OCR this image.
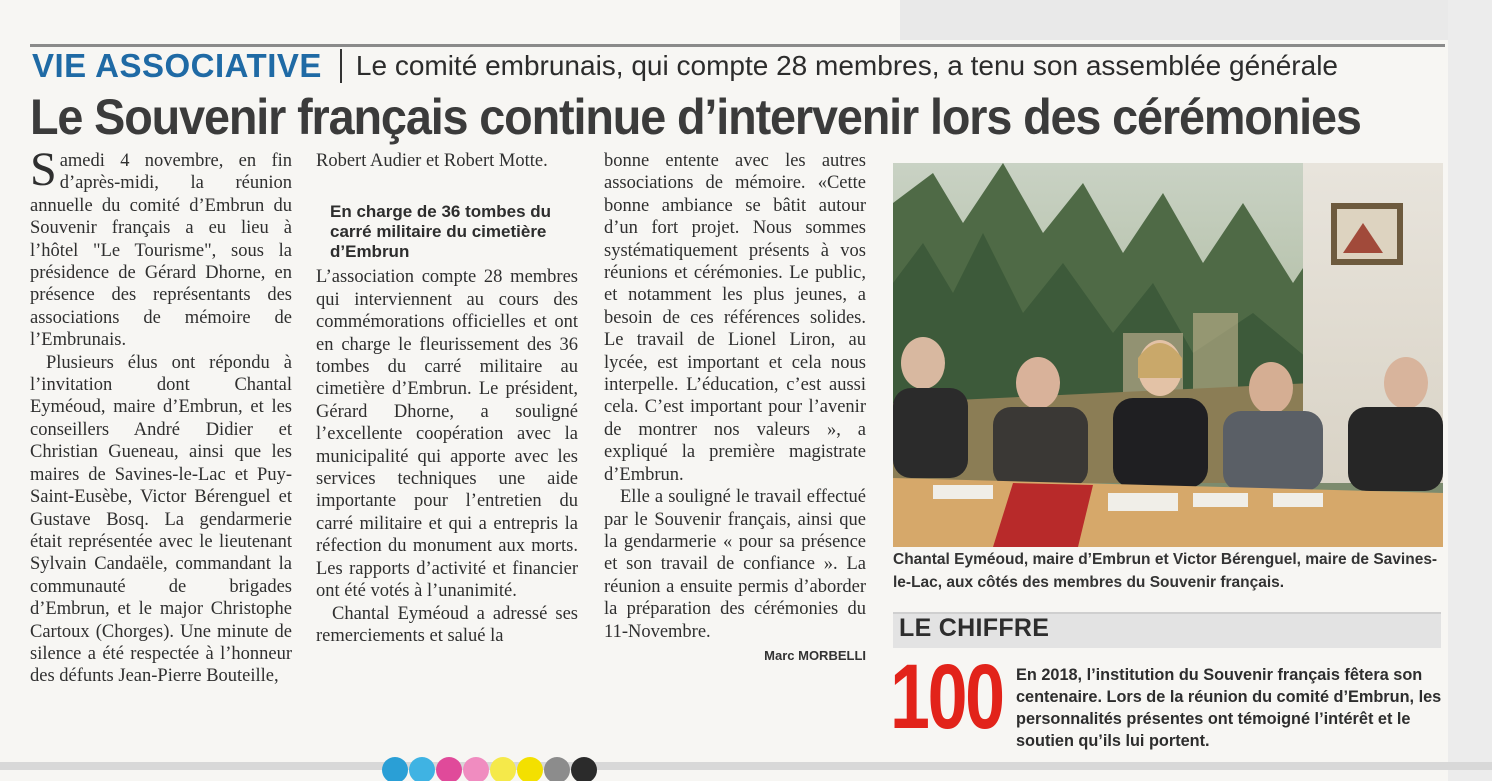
VIE ASSOCIATIVE Le comité embrunais, qui compte 28 membres, a tenu son assemblée générale
Le Souvenir français continue d’intervenir lors des cérémonies

Samedi 4 novembre, en fin d’après-midi, la réunion annuelle du comité d’Embrun du Souvenir français a eu lieu à l’hôtel "Le Tourisme", sous la présidence de Gérard Dhorne, en présence des représentants des associations de mémoire de l’Embrunais.

Plusieurs élus ont répondu à l’invitation dont Chantal Eyméoud, maire d’Embrun, et les conseillers André Didier et Christian Gueneau, ainsi que les maires de Savines-le-Lac et Puy-Saint-Eusèbe, Victor Bérenguel et Gustave Bosq. La gendarmerie était représentée avec le lieutenant Sylvain Candaële, commandant la communauté de brigades d’Embrun, et le major Christophe Cartoux (Chorges). Une minute de silence a été respectée à l’honneur des défunts Jean-Pierre Bouteille,

Robert Audier et Robert Motte.

En charge de 36 tombes du carré militaire du cimetière d’Embrun

L’association compte 28 membres qui interviennent au cours des commémorations officielles et ont en charge le fleurissement des 36 tombes du carré militaire au cimetière d’Embrun. Le président, Gérard Dhorne, a souligné l’excellente coopération avec la municipalité qui apporte avec les services techniques une aide importante pour l’entretien du carré militaire et qui a entrepris la réfection du monument aux morts. Les rapports d’activité et financier ont été votés à l’unanimité.

Chantal Eyméoud a adressé ses remerciements et salué la

bonne entente avec les autres associations de mémoire. «Cette bonne ambiance se bâtit autour d’un fort projet. Nous sommes systématiquement présents à vos réunions et cérémonies. Le public, et notamment les plus jeunes, a besoin de ces références solides. Le travail de Lionel Liron, au lycée, est important et cela nous interpelle. L’éducation, c’est aussi cela. C’est important pour l’avenir de montrer nos valeurs », a expliqué la première magistrate d’Embrun.

Elle a souligné le travail effectué par le Souvenir français, ainsi que la gendarmerie « pour sa présence et son travail de confiance ». La réunion a ensuite permis d’aborder la préparation des cérémonies du 11-Novembre.

Marc MORBELLI
Chantal Eyméoud, maire d’Embrun et Victor Bérenguel, maire de Savines-le-Lac, aux côtés des membres du Souvenir français.
LE CHIFFRE
100 En 2018, l’institution du Souvenir français fêtera son centenaire. Lors de la réunion du comité d’Embrun, les personnalités présentes ont témoigné l’intérêt et le soutien qu’ils lui portent.
